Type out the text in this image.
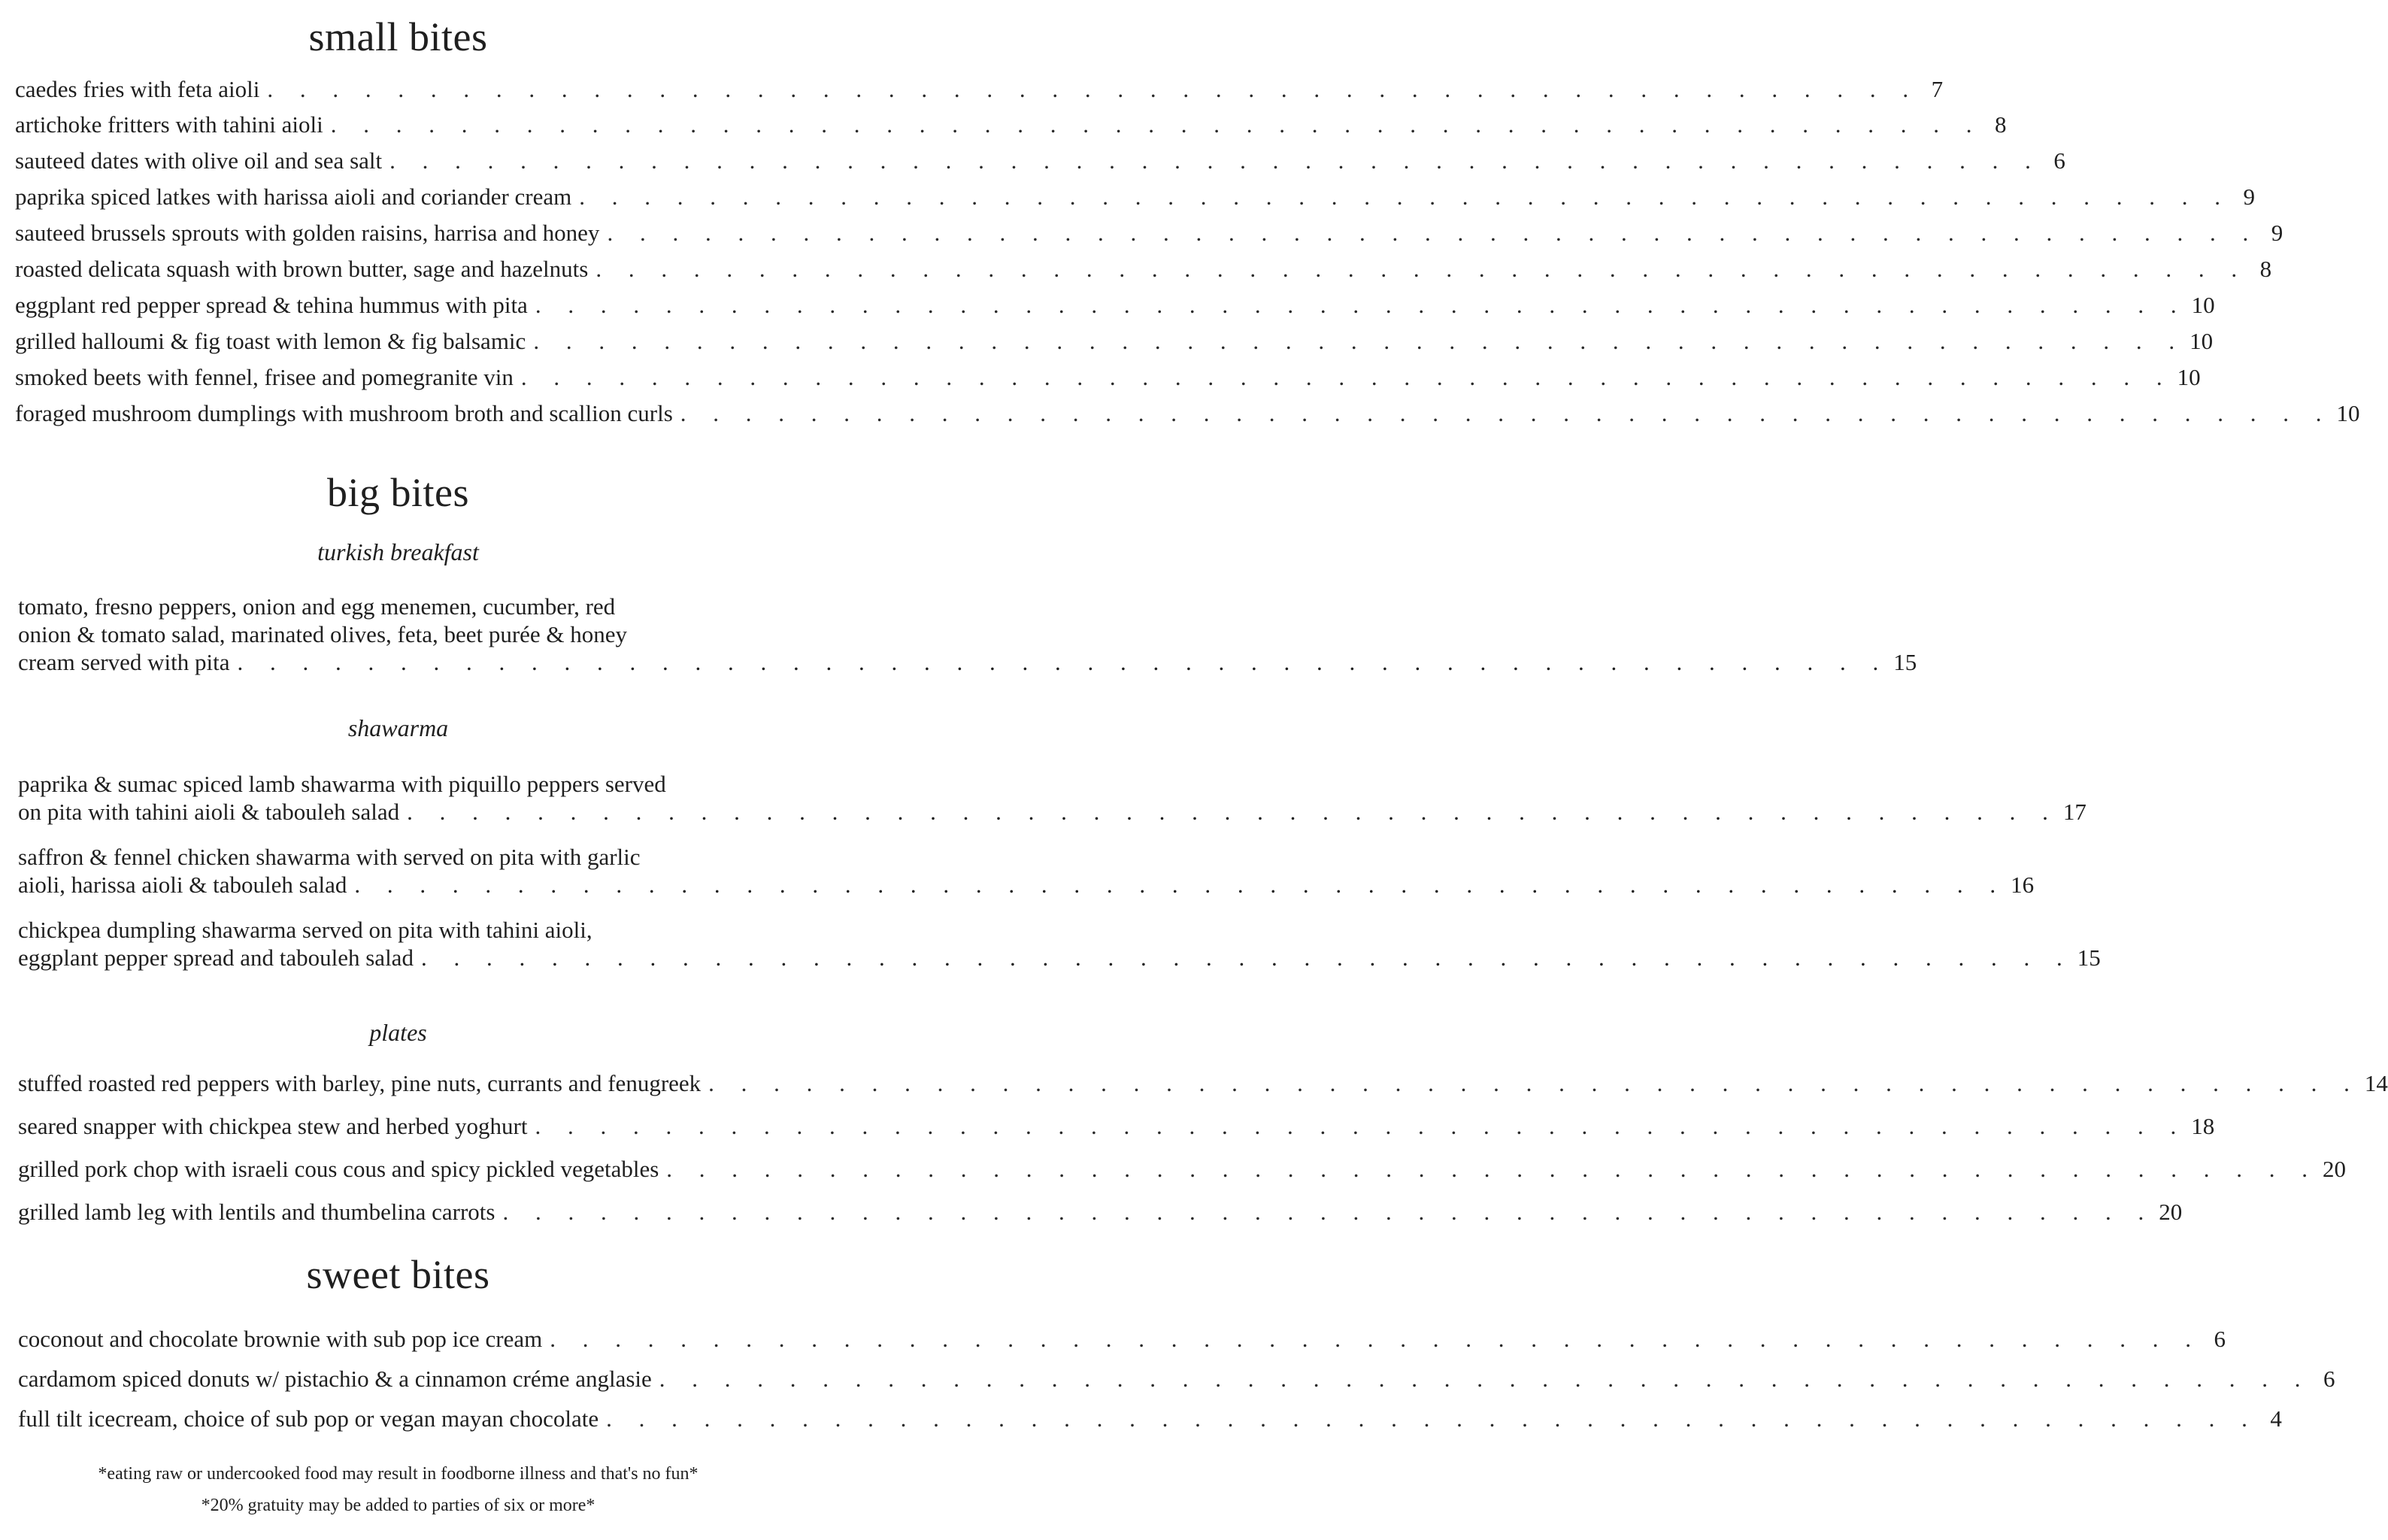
small bites
caedes fries with feta aioli . . . . . . . . . . . . . . . . . . . . . . . . . . . . . . . . . . . . . . . . . . . . . . . . . . . 7
artichoke fritters with tahini aioli . . . . . . . . . . . . . . . . . . . . . . . . . . . . . . . . . . . . . . . . . . . . . . . . . . . 8
sauteed dates with olive oil and sea salt . . . . . . . . . . . . . . . . . . . . . . . . . . . . . . . . . . . . . . . . . . . . . . . . . . . 6
paprika spiced latkes with harissa aioli and coriander cream . . . . . . . . . . . . . . . . . . . . . . . . . . . . . . . . . . . . . . . . . . . . . . . . . . . 9
sauteed brussels sprouts with golden raisins, harrisa and honey . . . . . . . . . . . . . . . . . . . . . . . . . . . . . . . . . . . . . . . . . . . . . . . . . . . 9
roasted delicata squash with brown butter, sage and hazelnuts . . . . . . . . . . . . . . . . . . . . . . . . . . . . . . . . . . . . . . . . . . . . . . . . . . . 8
eggplant red pepper spread & tehina hummus with pita . . . . . . . . . . . . . . . . . . . . . . . . . . . . . . . . . . . . . . . . . . . . . . . . . . . 10
grilled halloumi & fig toast with lemon & fig balsamic . . . . . . . . . . . . . . . . . . . . . . . . . . . . . . . . . . . . . . . . . . . . . . . . . . . 10
smoked beets with fennel, frisee and pomegranite vin . . . . . . . . . . . . . . . . . . . . . . . . . . . . . . . . . . . . . . . . . . . . . . . . . . . 10
foraged mushroom dumplings with mushroom broth and scallion curls . . . . . . . . . . . . . . . . . . . . . . . . . . . . . . . . . . . . . . . . . . . . . . . . . . . 10
big bites
turkish breakfast
tomato, fresno peppers, onion and egg menemen, cucumber, red
onion & tomato salad, marinated olives, feta, beet purée & honey
cream served with pita . . . . . . . . . . . . . . . . . . . . . . . . . . . . . . . . . . . . . . . . . . . . . . . . . . . 15
shawarma
paprika & sumac spiced lamb shawarma with piquillo peppers served
on pita with tahini aioli & tabouleh salad . . . . . . . . . . . . . . . . . . . . . . . . . . . . . . . . . . . . . . . . . . . . . . . . . . . 17
saffron & fennel chicken shawarma with served on pita with garlic
aioli, harissa aioli & tabouleh salad . . . . . . . . . . . . . . . . . . . . . . . . . . . . . . . . . . . . . . . . . . . . . . . . . . . 16
chickpea dumpling shawarma served on pita with tahini aioli,
eggplant pepper spread and tabouleh salad . . . . . . . . . . . . . . . . . . . . . . . . . . . . . . . . . . . . . . . . . . . . . . . . . . . 15
plates
stuffed roasted red peppers with barley, pine nuts, currants and fenugreek . . . . . . . . . . . . . . . . . . . . . . . . . . . . . . . . . . . . . . . . . . . . . . . . . . . 14
seared snapper with chickpea stew and herbed yoghurt . . . . . . . . . . . . . . . . . . . . . . . . . . . . . . . . . . . . . . . . . . . . . . . . . . . 18
grilled pork chop with israeli cous cous and spicy pickled vegetables . . . . . . . . . . . . . . . . . . . . . . . . . . . . . . . . . . . . . . . . . . . . . . . . . . . 20
grilled lamb leg with lentils and thumbelina carrots . . . . . . . . . . . . . . . . . . . . . . . . . . . . . . . . . . . . . . . . . . . . . . . . . . . 20
sweet bites
coconout and chocolate brownie with sub pop ice cream . . . . . . . . . . . . . . . . . . . . . . . . . . . . . . . . . . . . . . . . . . . . . . . . . . . 6
cardamom spiced donuts w/ pistachio & a cinnamon créme anglasie . . . . . . . . . . . . . . . . . . . . . . . . . . . . . . . . . . . . . . . . . . . . . . . . . . . 6
full tilt icecream, choice of sub pop or vegan mayan chocolate . . . . . . . . . . . . . . . . . . . . . . . . . . . . . . . . . . . . . . . . . . . . . . . . . . . 4
*eating raw or undercooked food may result in foodborne illness and that's no fun*
*20% gratuity may be added to parties of six or more*
